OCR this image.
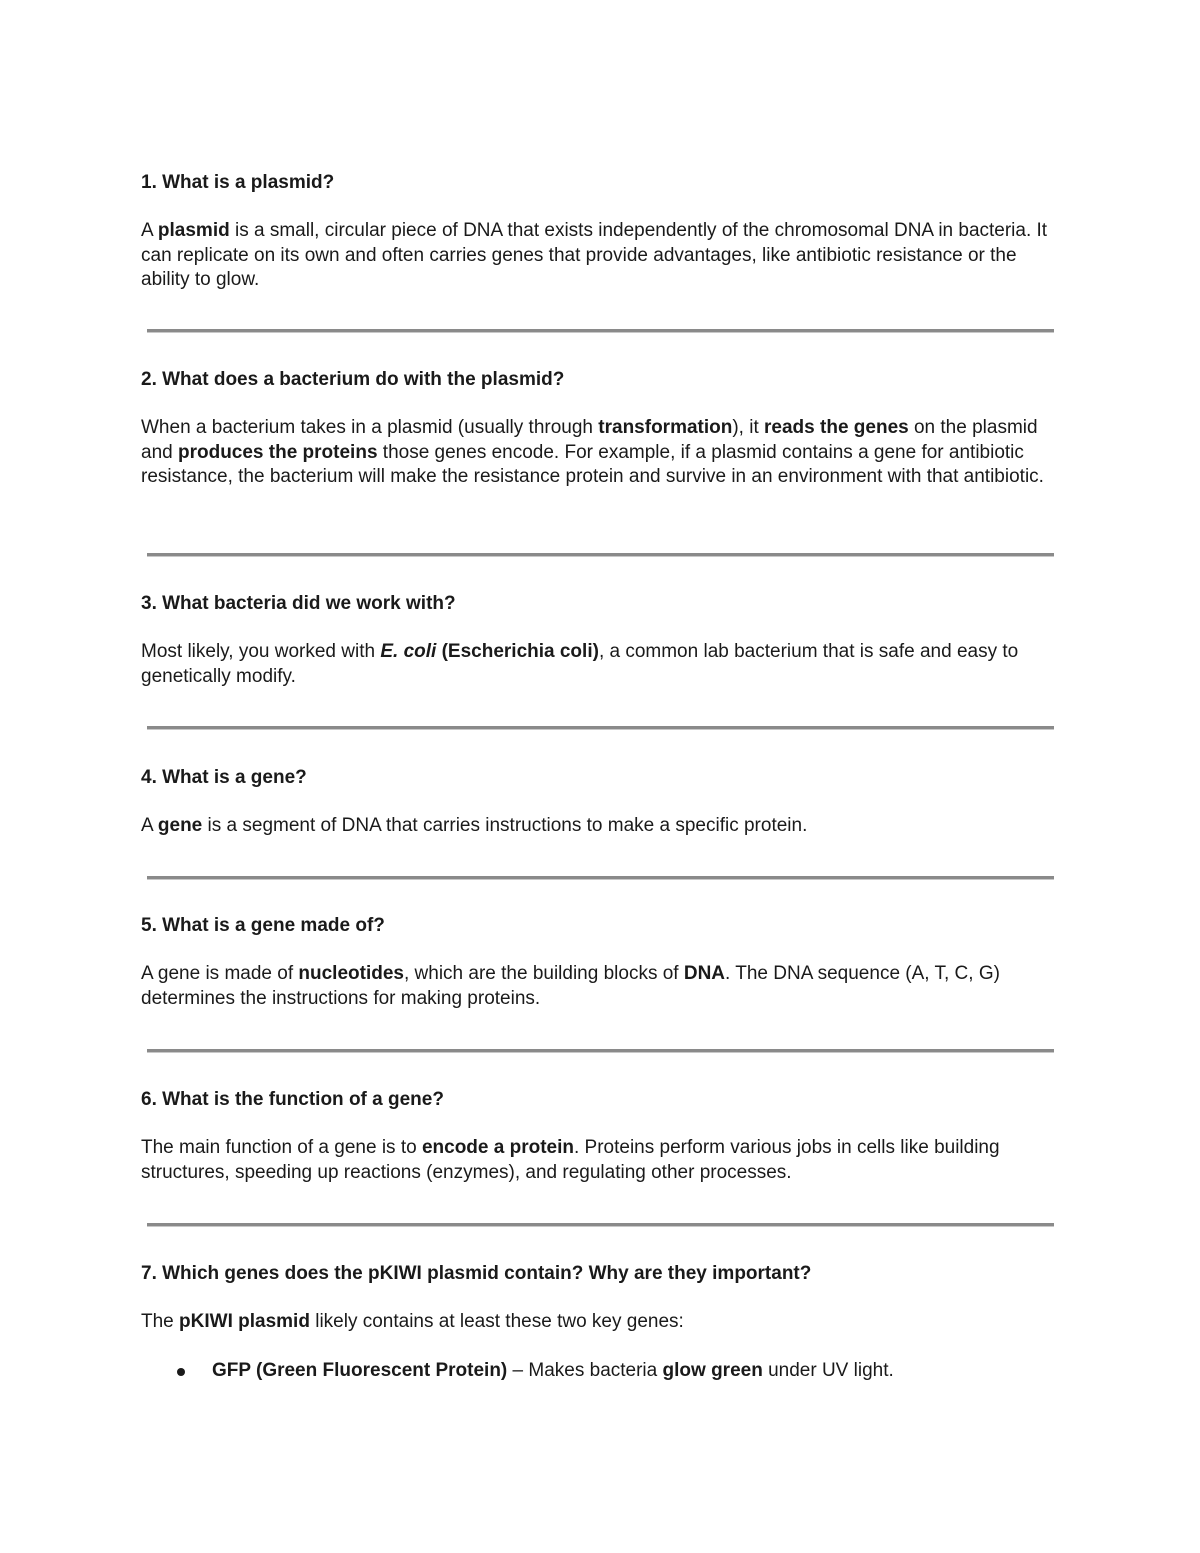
1. What is a plasmid?

A plasmid is a small, circular piece of DNA that exists independently of the chromosomal DNA in bacteria. It can replicate on its own and often carries genes that provide advantages, like antibiotic resistance or the ability to glow.

2. What does a bacterium do with the plasmid?

When a bacterium takes in a plasmid (usually through transformation), it reads the genes on the plasmid and produces the proteins those genes encode. For example, if a plasmid contains a gene for antibiotic resistance, the bacterium will make the resistance protein and survive in an environment with that antibiotic.

3. What bacteria did we work with?

Most likely, you worked with E. coli (Escherichia coli), a common lab bacterium that is safe and easy to genetically modify.

4. What is a gene?

A gene is a segment of DNA that carries instructions to make a specific protein.

5. What is a gene made of?

A gene is made of nucleotides, which are the building blocks of DNA. The DNA sequence (A, T, C, G) determines the instructions for making proteins.

6. What is the function of a gene?

The main function of a gene is to encode a protein. Proteins perform various jobs in cells like building structures, speeding up reactions (enzymes), and regulating other processes.

7. Which genes does the pKIWI plasmid contain? Why are they important?

The pKIWI plasmid likely contains at least these two key genes:

GFP (Green Fluorescent Protein) – Makes bacteria glow green under UV light.
